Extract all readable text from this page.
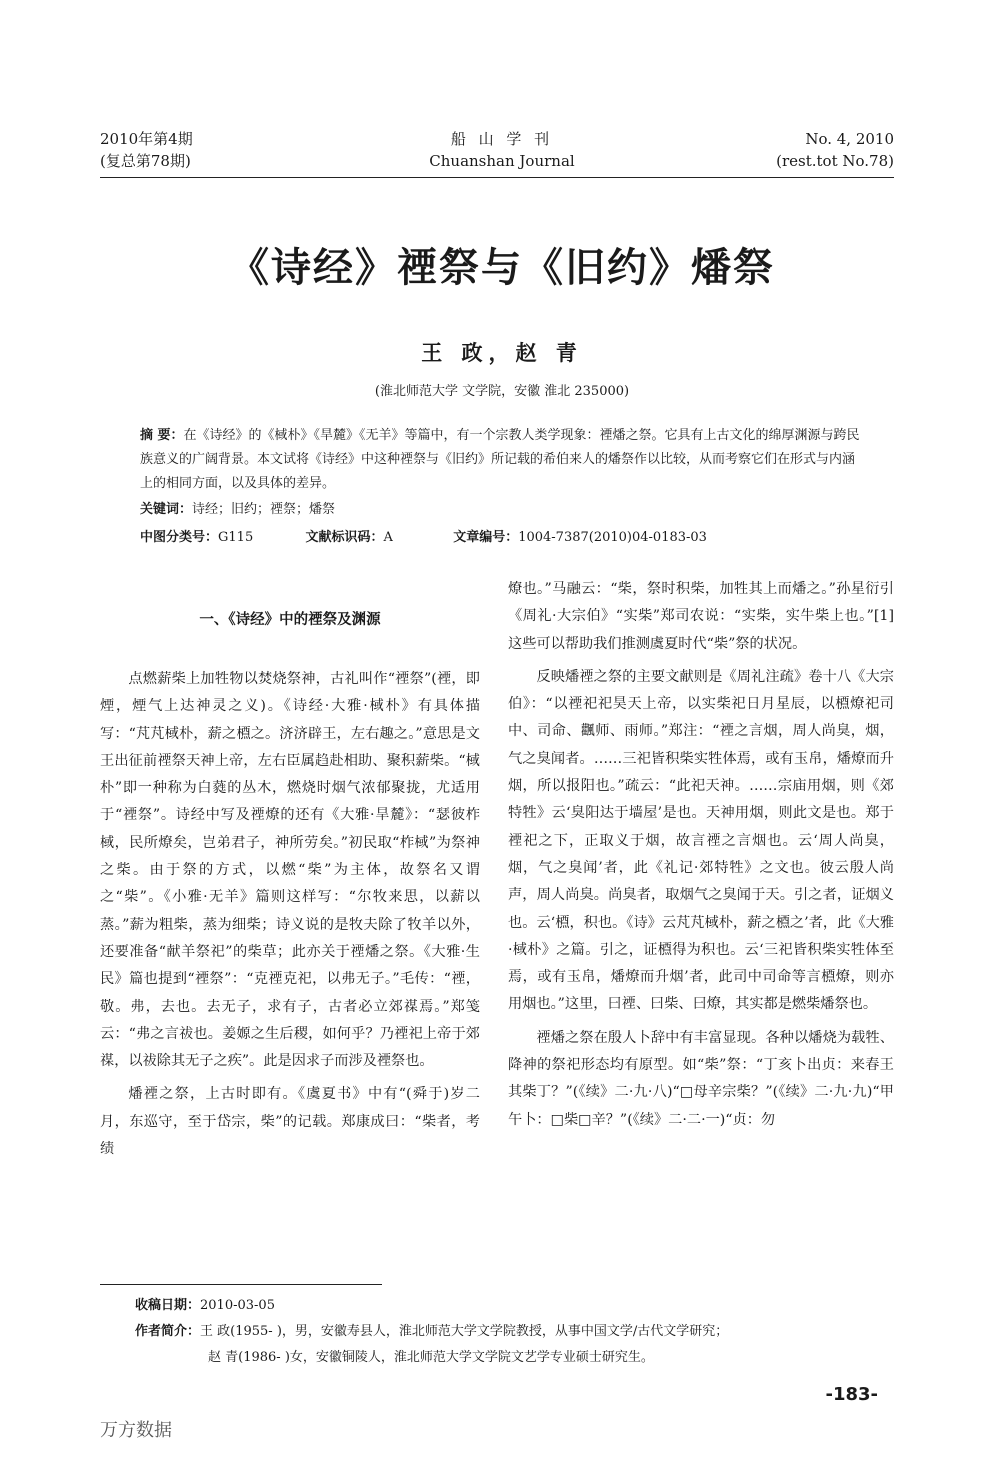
2010年第4期
(复总第78期)
船 山 学 刊
Chuanshan Journal
No. 4, 2010
(rest.tot No.78)
《诗经》禋祭与《旧约》燔祭
王 政，赵 青
(淮北师范大学 文学院，安徽 淮北 235000)
摘 要：在《诗经》的《棫朴》《旱麓》《无羊》等篇中，有一个宗教人类学现象：禋燔之祭。它具有上古文化的绵厚渊源与跨民族意义的广阔背景。本文试将《诗经》中这种禋祭与《旧约》所记载的希伯来人的燔祭作以比较，从而考察它们在形式与内涵上的相同方面，以及具体的差异。
关键词：诗经；旧约；禋祭；燔祭
中图分类号：G115	文献标识码：A	文章编号：1004-7387(2010)04-0183-03
一、《诗经》中的禋祭及渊源

点燃薪柴上加牲物以焚烧祭神，古礼叫作“禋祭”(禋，即煙，煙气上达神灵之义)。《诗经·大雅·棫朴》有具体描写：“芃芃棫朴，薪之槱之。济济辟王，左右趣之。”意思是文王出征前禋祭天神上帝，左右臣属趋赴相助、聚积薪柴。“棫朴”即一种称为白蕤的丛木，燃烧时烟气浓郁聚拢，尤适用于“禋祭”。诗经中写及禋燎的还有《大雅·旱麓》：“瑟彼柞棫，民所燎矣，岂弟君子，神所劳矣。”初民取“柞棫”为祭神之柴。由于祭的方式，以燃“柴”为主体，故祭名又谓之“柴”。《小雅·无羊》篇则这样写：“尔牧来思，以薪以蒸。”薪为粗柴，蒸为细柴；诗义说的是牧夫除了牧羊以外，还要准备“献羊祭祀”的柴草；此亦关于禋燔之祭。《大雅·生民》篇也提到“禋祭”：“克禋克祀，以弗无子。”毛传：“禋，敬。弗，去也。去无子，求有子，古者必立郊禖焉。”郑笺云：“弗之言祓也。姜嫄之生后稷，如何乎？乃禋祀上帝于郊禖，以祓除其无子之疾”。此是因求子而涉及禋祭也。

燔禋之祭，上古时即有。《虞夏书》中有“(舜于)岁二月，东巡守，至于岱宗，柴”的记载。郑康成曰：“柴者，考绩

燎也。”马融云：“柴，祭时积柴，加牲其上而燔之。”孙星衍引《周礼·大宗伯》“实柴”郑司农说：“实柴，实牛柴上也。”[1]这些可以帮助我们推测虞夏时代“柴”祭的状况。

反映燔禋之祭的主要文献则是《周礼注疏》卷十八《大宗伯》：“以禋祀祀昊天上帝，以实柴祀日月星辰，以槱燎祀司中、司命、飌师、雨师。”郑注：“禋之言烟，周人尚臭，烟，气之臭闻者。……三祀皆积柴实牲体焉，或有玉帛，燔燎而升烟，所以报阳也。”疏云：“此祀天神。……宗庙用烟，则《郊特牲》云‘臭阳达于墙屋’是也。天神用烟，则此文是也。郑于禋祀之下，正取义于烟，故言禋之言烟也。云‘周人尚臭，烟，气之臭闻’者，此《礼记·郊特牲》之文也。彼云殷人尚声，周人尚臭。尚臭者，取烟气之臭闻于天。引之者，证烟义也。云‘槱，积也。《诗》云芃芃棫朴，薪之槱之’者，此《大雅·棫朴》之篇。引之，证槱得为积也。云‘三祀皆积柴实牲体至焉，或有玉帛，燔燎而升烟’者，此司中司命等言槱燎，则亦用烟也。”这里，曰禋、曰柴、曰燎，其实都是燃柴燔祭也。

禋燔之祭在殷人卜辞中有丰富显现。各种以燔烧为载牲、降神的祭祀形态均有原型。如“柴”祭：“丁亥卜出贞：来春王其柴丁？”(《续》二·九·八)“□母辛宗柴？”(《续》二·九·九)“甲午卜：□柴□辛？”(《续》二·二·一)“贞：勿

收稿日期：2010-03-05
作者简介：王 政(1955- )，男，安徽寿县人，淮北师范大学文学院教授，从事中国文学/古代文学研究；
赵 青(1986- )女，安徽铜陵人，淮北师范大学文学院文艺学专业硕士研究生。
-183-
万方数据
